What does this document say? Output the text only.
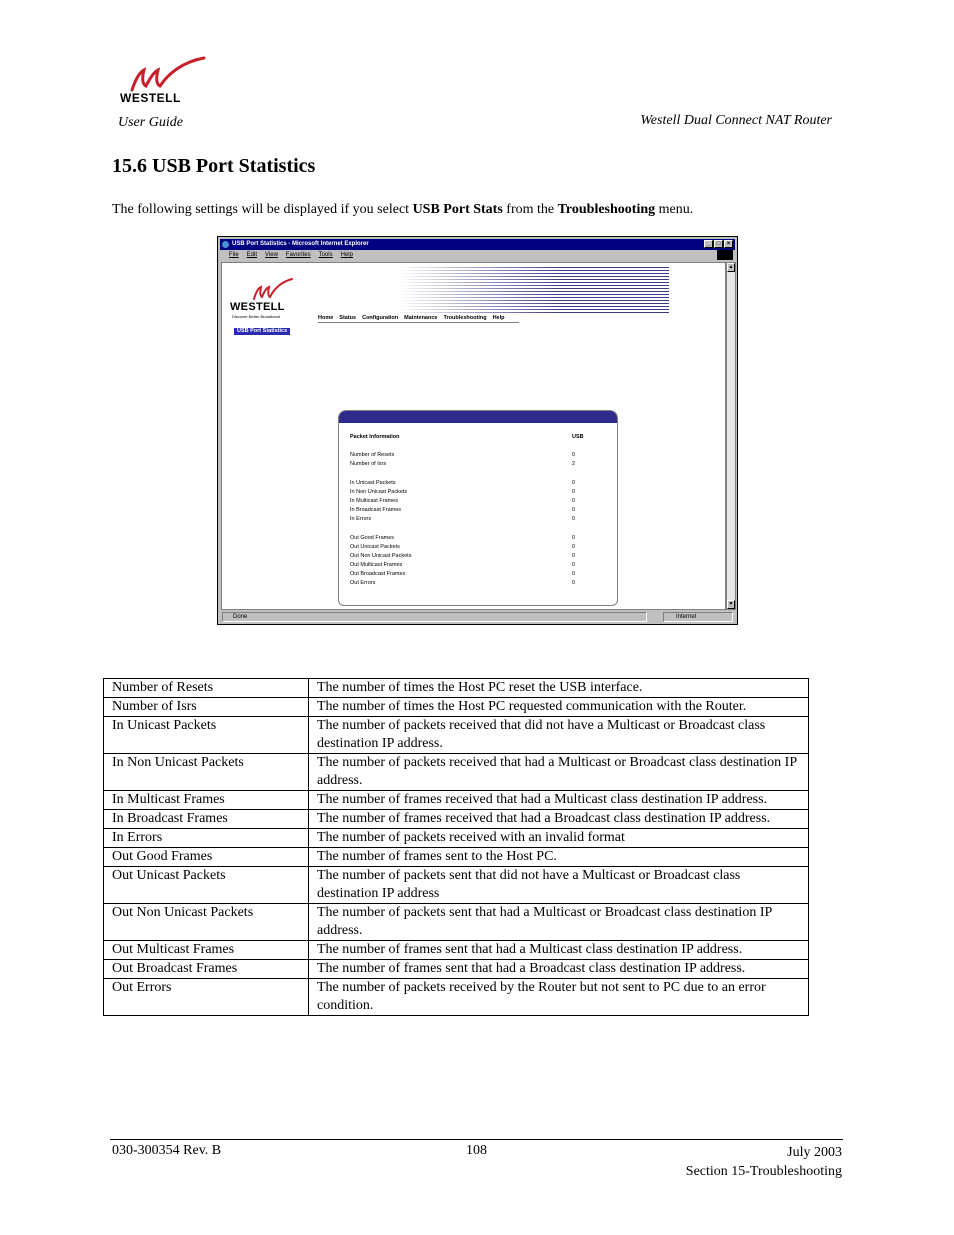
WESTELL
User Guide	Westell Dual Connect NAT Router
15.6 USB Port Statistics
The following settings will be displayed if you select USB Port Stats from the Troubleshooting menu.
USB Port Statistics - Microsoft Internet Explorer	_	□	×
File Edit View Favorites Tools Help
WESTELL
Discover Better Broadband	Home Status Configuration Maintenance Troubleshooting Help
USB Port Statistics
Packet Information	USB
Number of Resets	0
Number of Isrs	2
In Unicast Packets	0
In Non Unicast Packets	0
In Multicast Frames	0
In Broadcast Frames	0
In Errors	0
Out Good Frames	0
Out Unicast Packets	0
Out Non Unicast Packets	0
Out Multicast Frames	0
Out Broadcast Frames	0
Out Errors	0
▲
▼
Done	Internet
Number of Resets	The number of times the Host PC reset the USB interface.
Number of Isrs	The number of times the Host PC requested communication with the Router.
In Unicast Packets	The number of packets received that did not have a Multicast or Broadcast class destination IP address.
In Non Unicast Packets	The number of packets received that had a Multicast or Broadcast class destination IP address.
In Multicast Frames	The number of frames received that had a Multicast class destination IP address.
In Broadcast Frames	The number of frames received that had a Broadcast class destination IP address.
In Errors	The number of packets received with an invalid format
Out Good Frames	The number of frames sent to the Host PC.
Out Unicast Packets	The number of packets sent that did not have a Multicast or Broadcast class destination IP address
Out Non Unicast Packets	The number of packets sent that had a Multicast or Broadcast class destination IP address.
Out Multicast Frames	The number of frames sent that had a Multicast class destination IP address.
Out Broadcast Frames	The number of frames sent that had a Broadcast class destination IP address.
Out Errors	The number of packets received by the Router but not sent to PC due to an error condition.
030-300354 Rev. B	108	July 2003
Section 15-Troubleshooting
